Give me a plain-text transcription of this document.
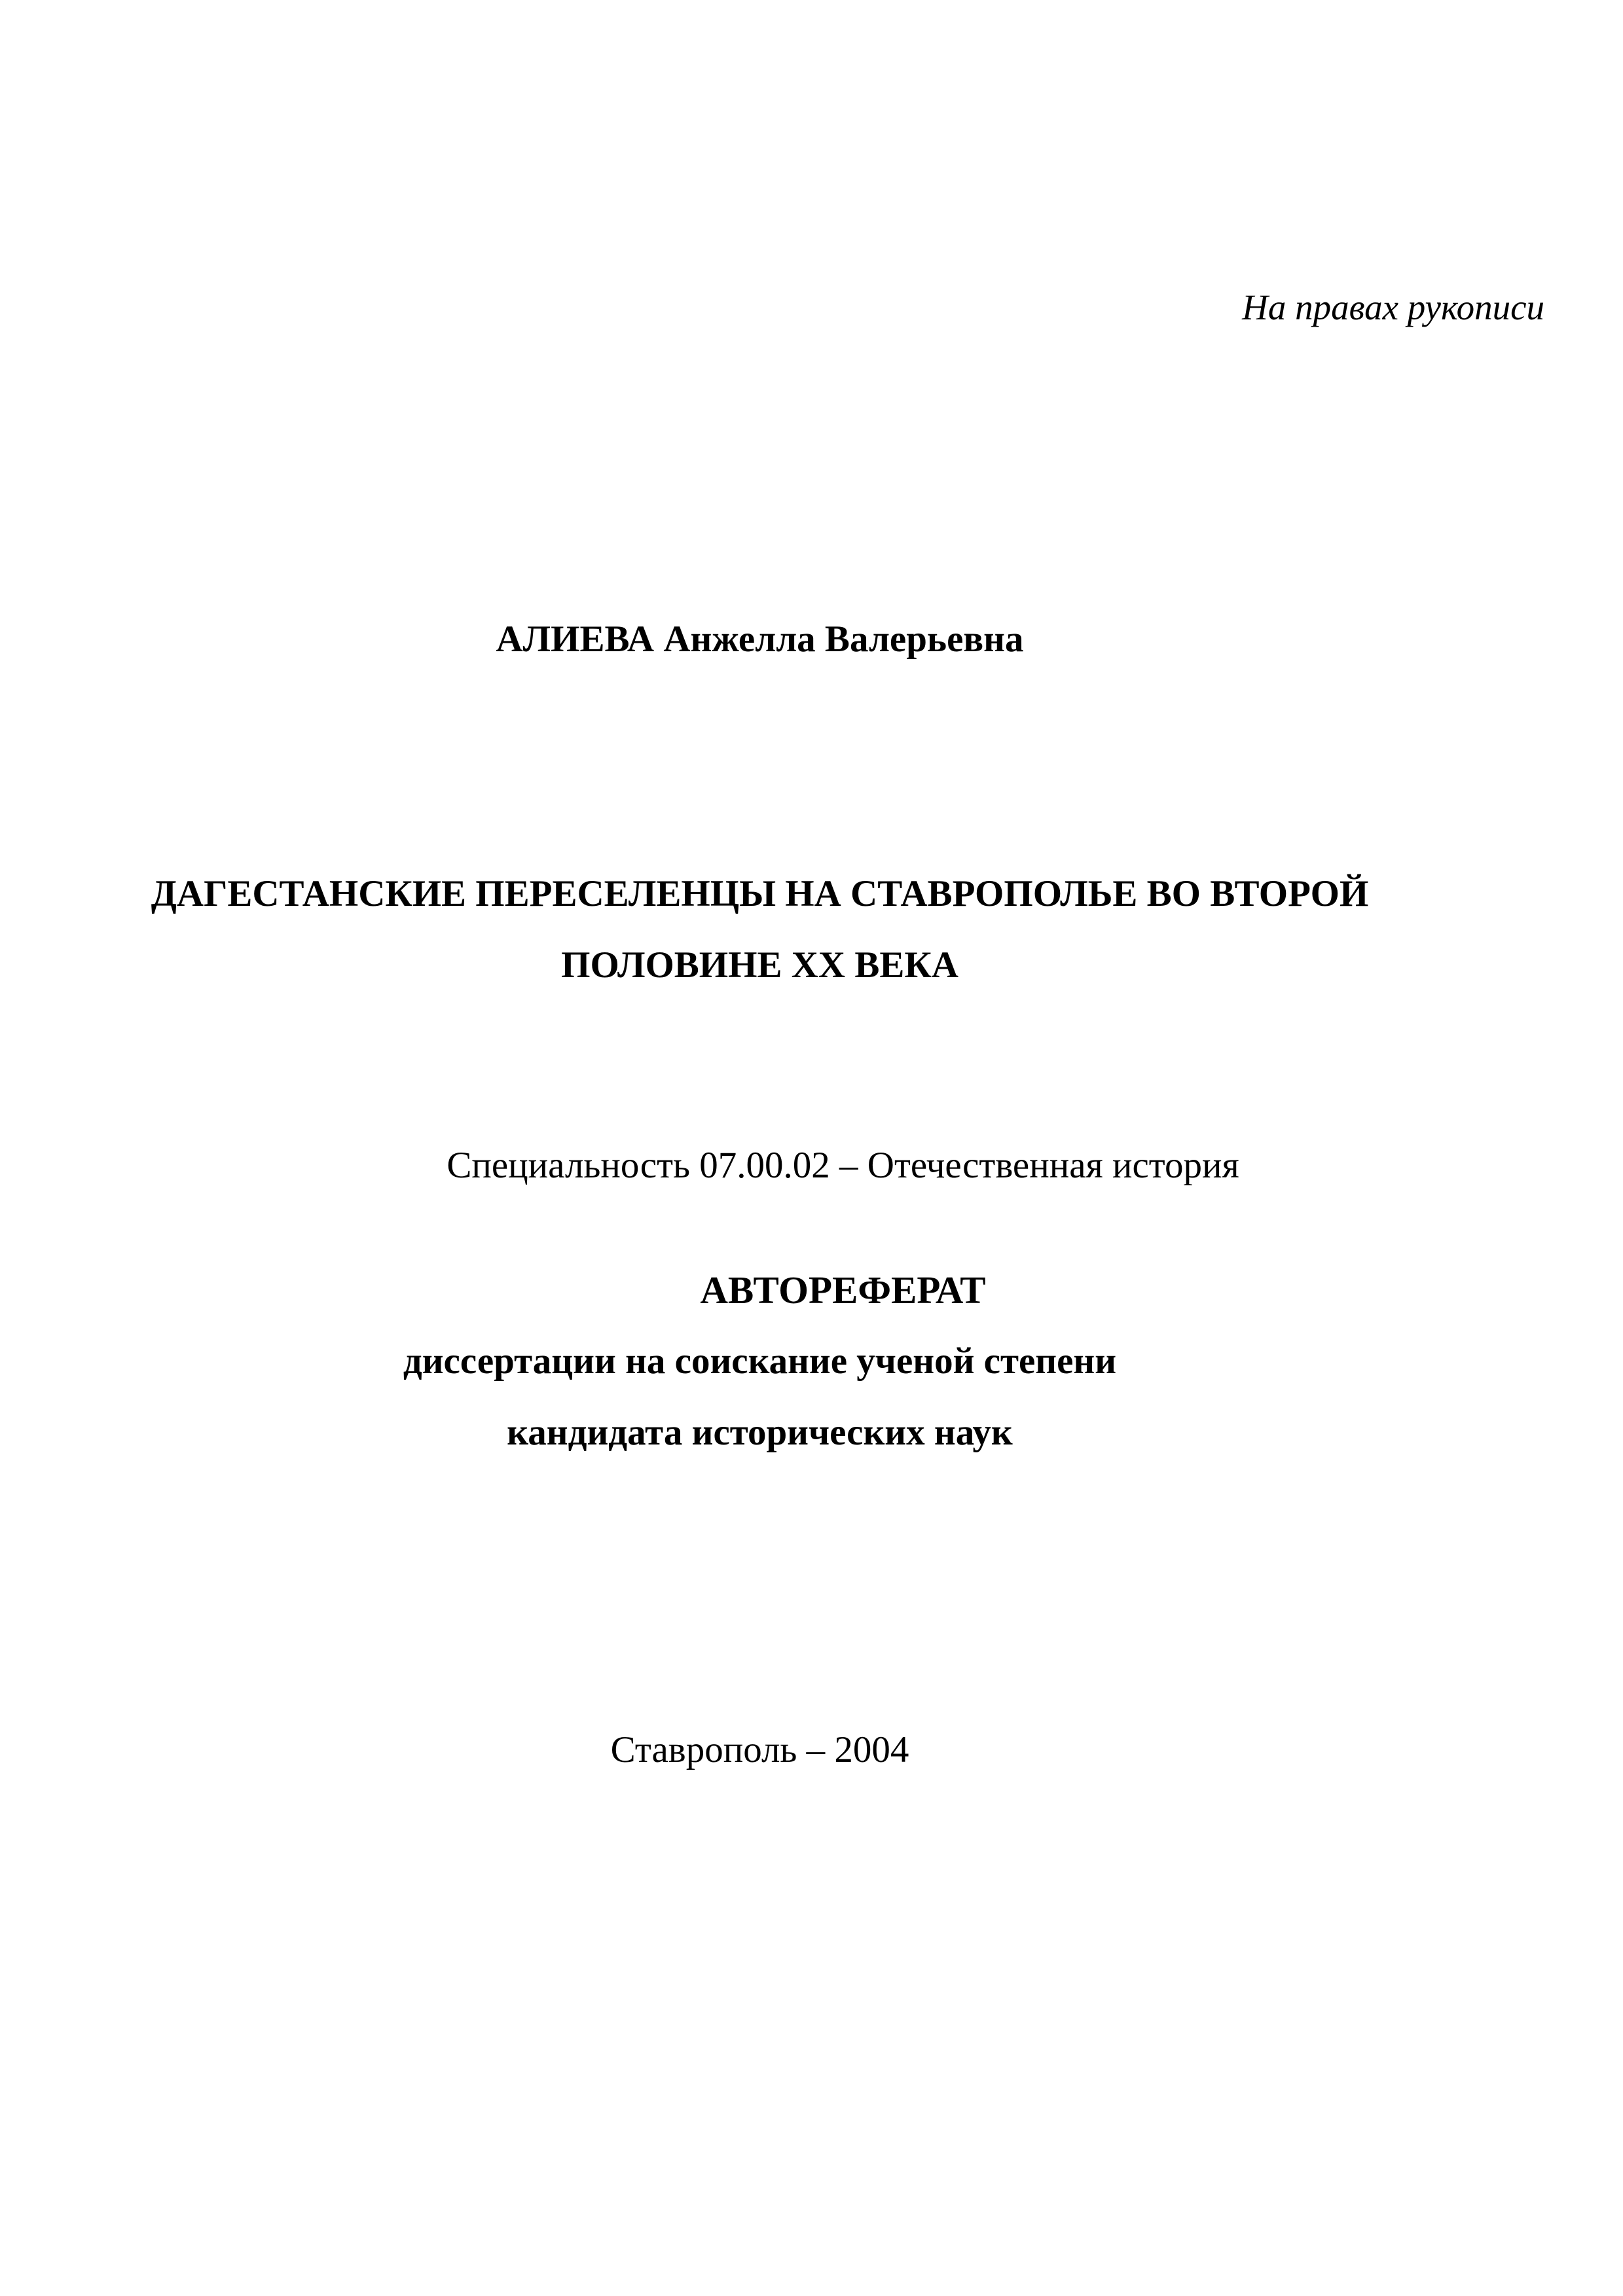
На правах рукописи
АЛИЕВА Анжелла Валерьевна
ДАГЕСТАНСКИЕ ПЕРЕСЕЛЕНЦЫ НА СТАВРОПОЛЬЕ ВО ВТОРОЙ
ПОЛОВИНЕ XX ВЕКА
Специальность 07.00.02 – Отечественная история
АВТОРЕФЕРАТ
диссертации на соискание ученой степени
кандидата исторических наук
Ставрополь – 2004
